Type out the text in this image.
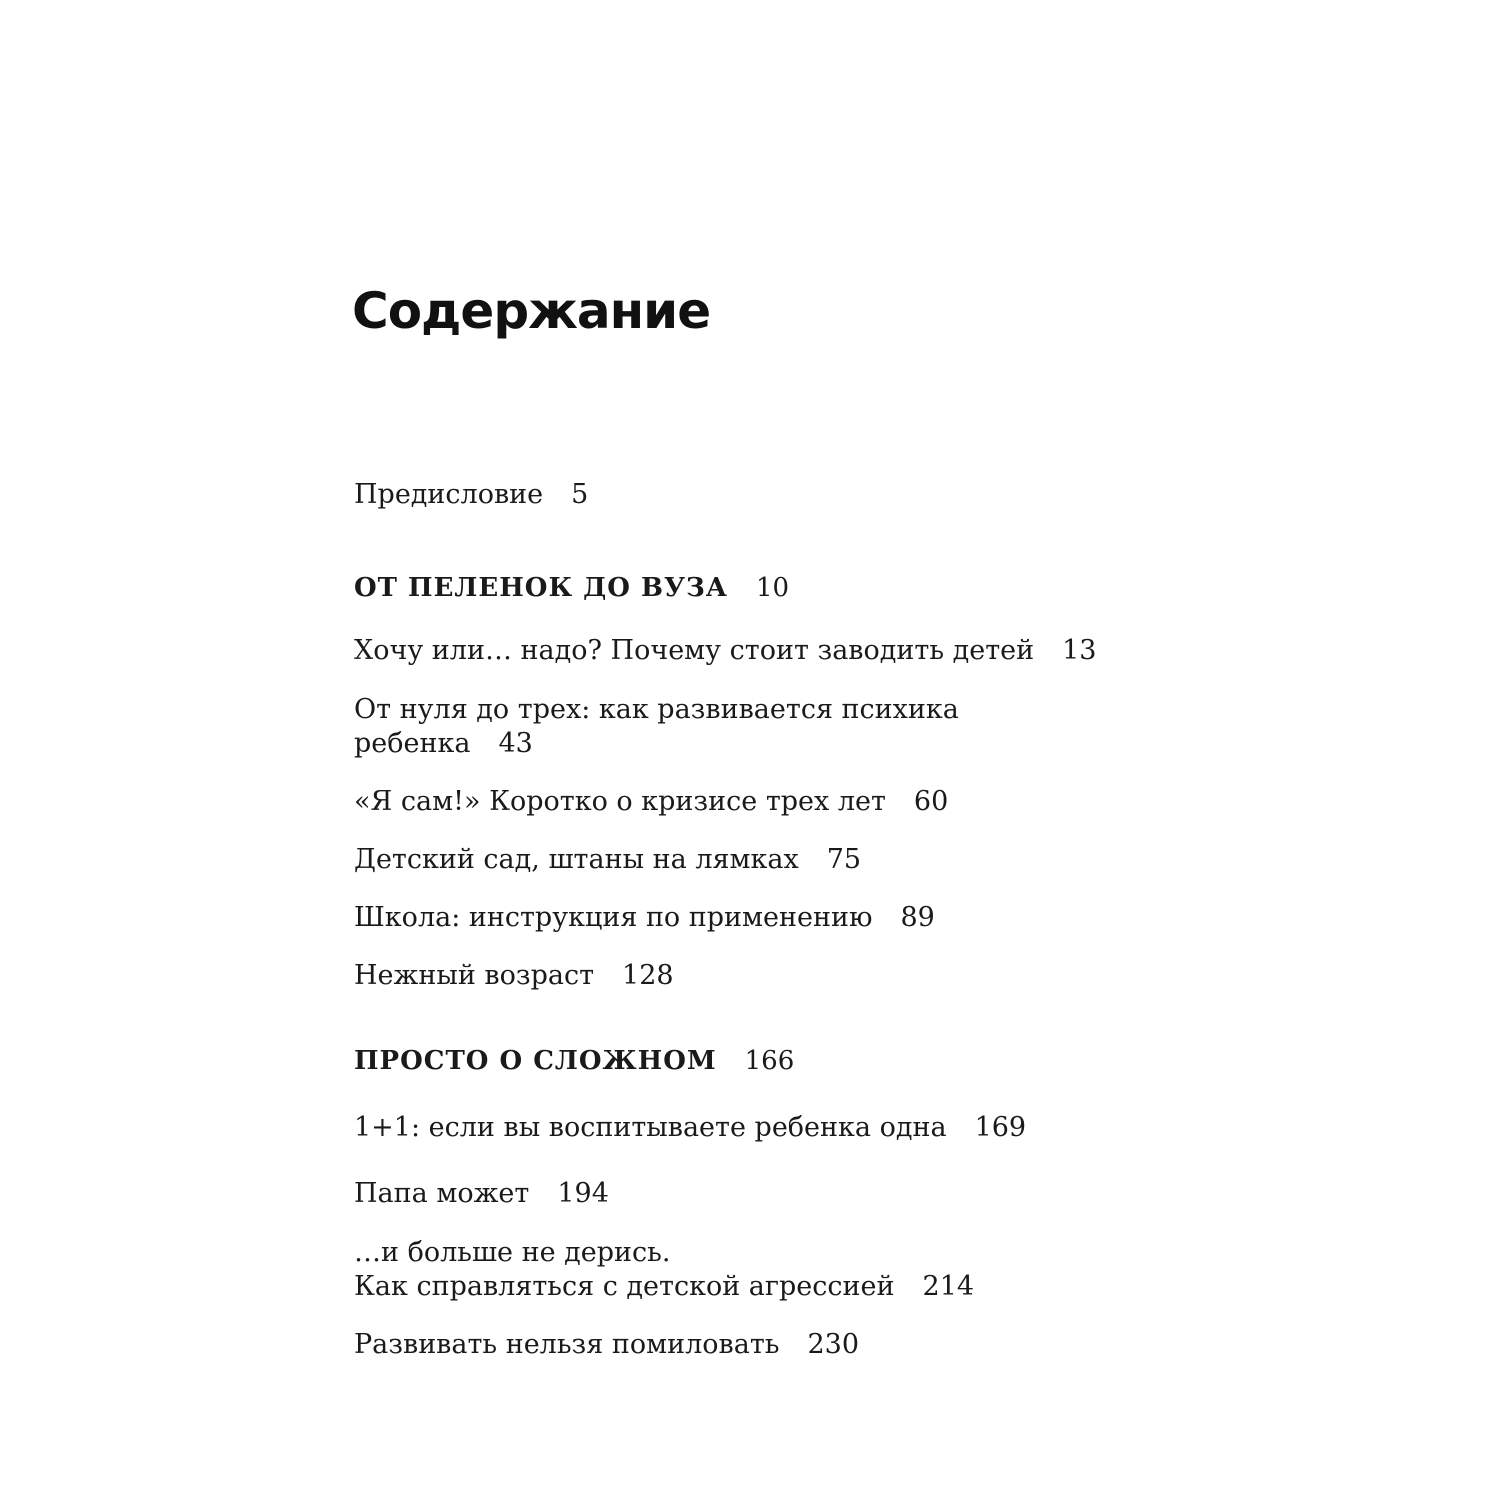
Содержание
Предисловие 5
ОТ ПЕЛЕНОК ДО ВУЗА 10
Хочу или… надо? Почему стоит заводить детей 13
От нуля до трех: как развивается психика
ребенка 43
«Я сам!» Коротко о кризисе трех лет 60
Детский сад, штаны на лямках 75
Школа: инструкция по применению 89
Нежный возраст 128
ПРОСТО О СЛОЖНОМ 166
1+1: если вы воспитываете ребенка одна 169
Папа может 194
…и больше не дерись.
Как справляться с детской агрессией 214
Развивать нельзя помиловать 230
